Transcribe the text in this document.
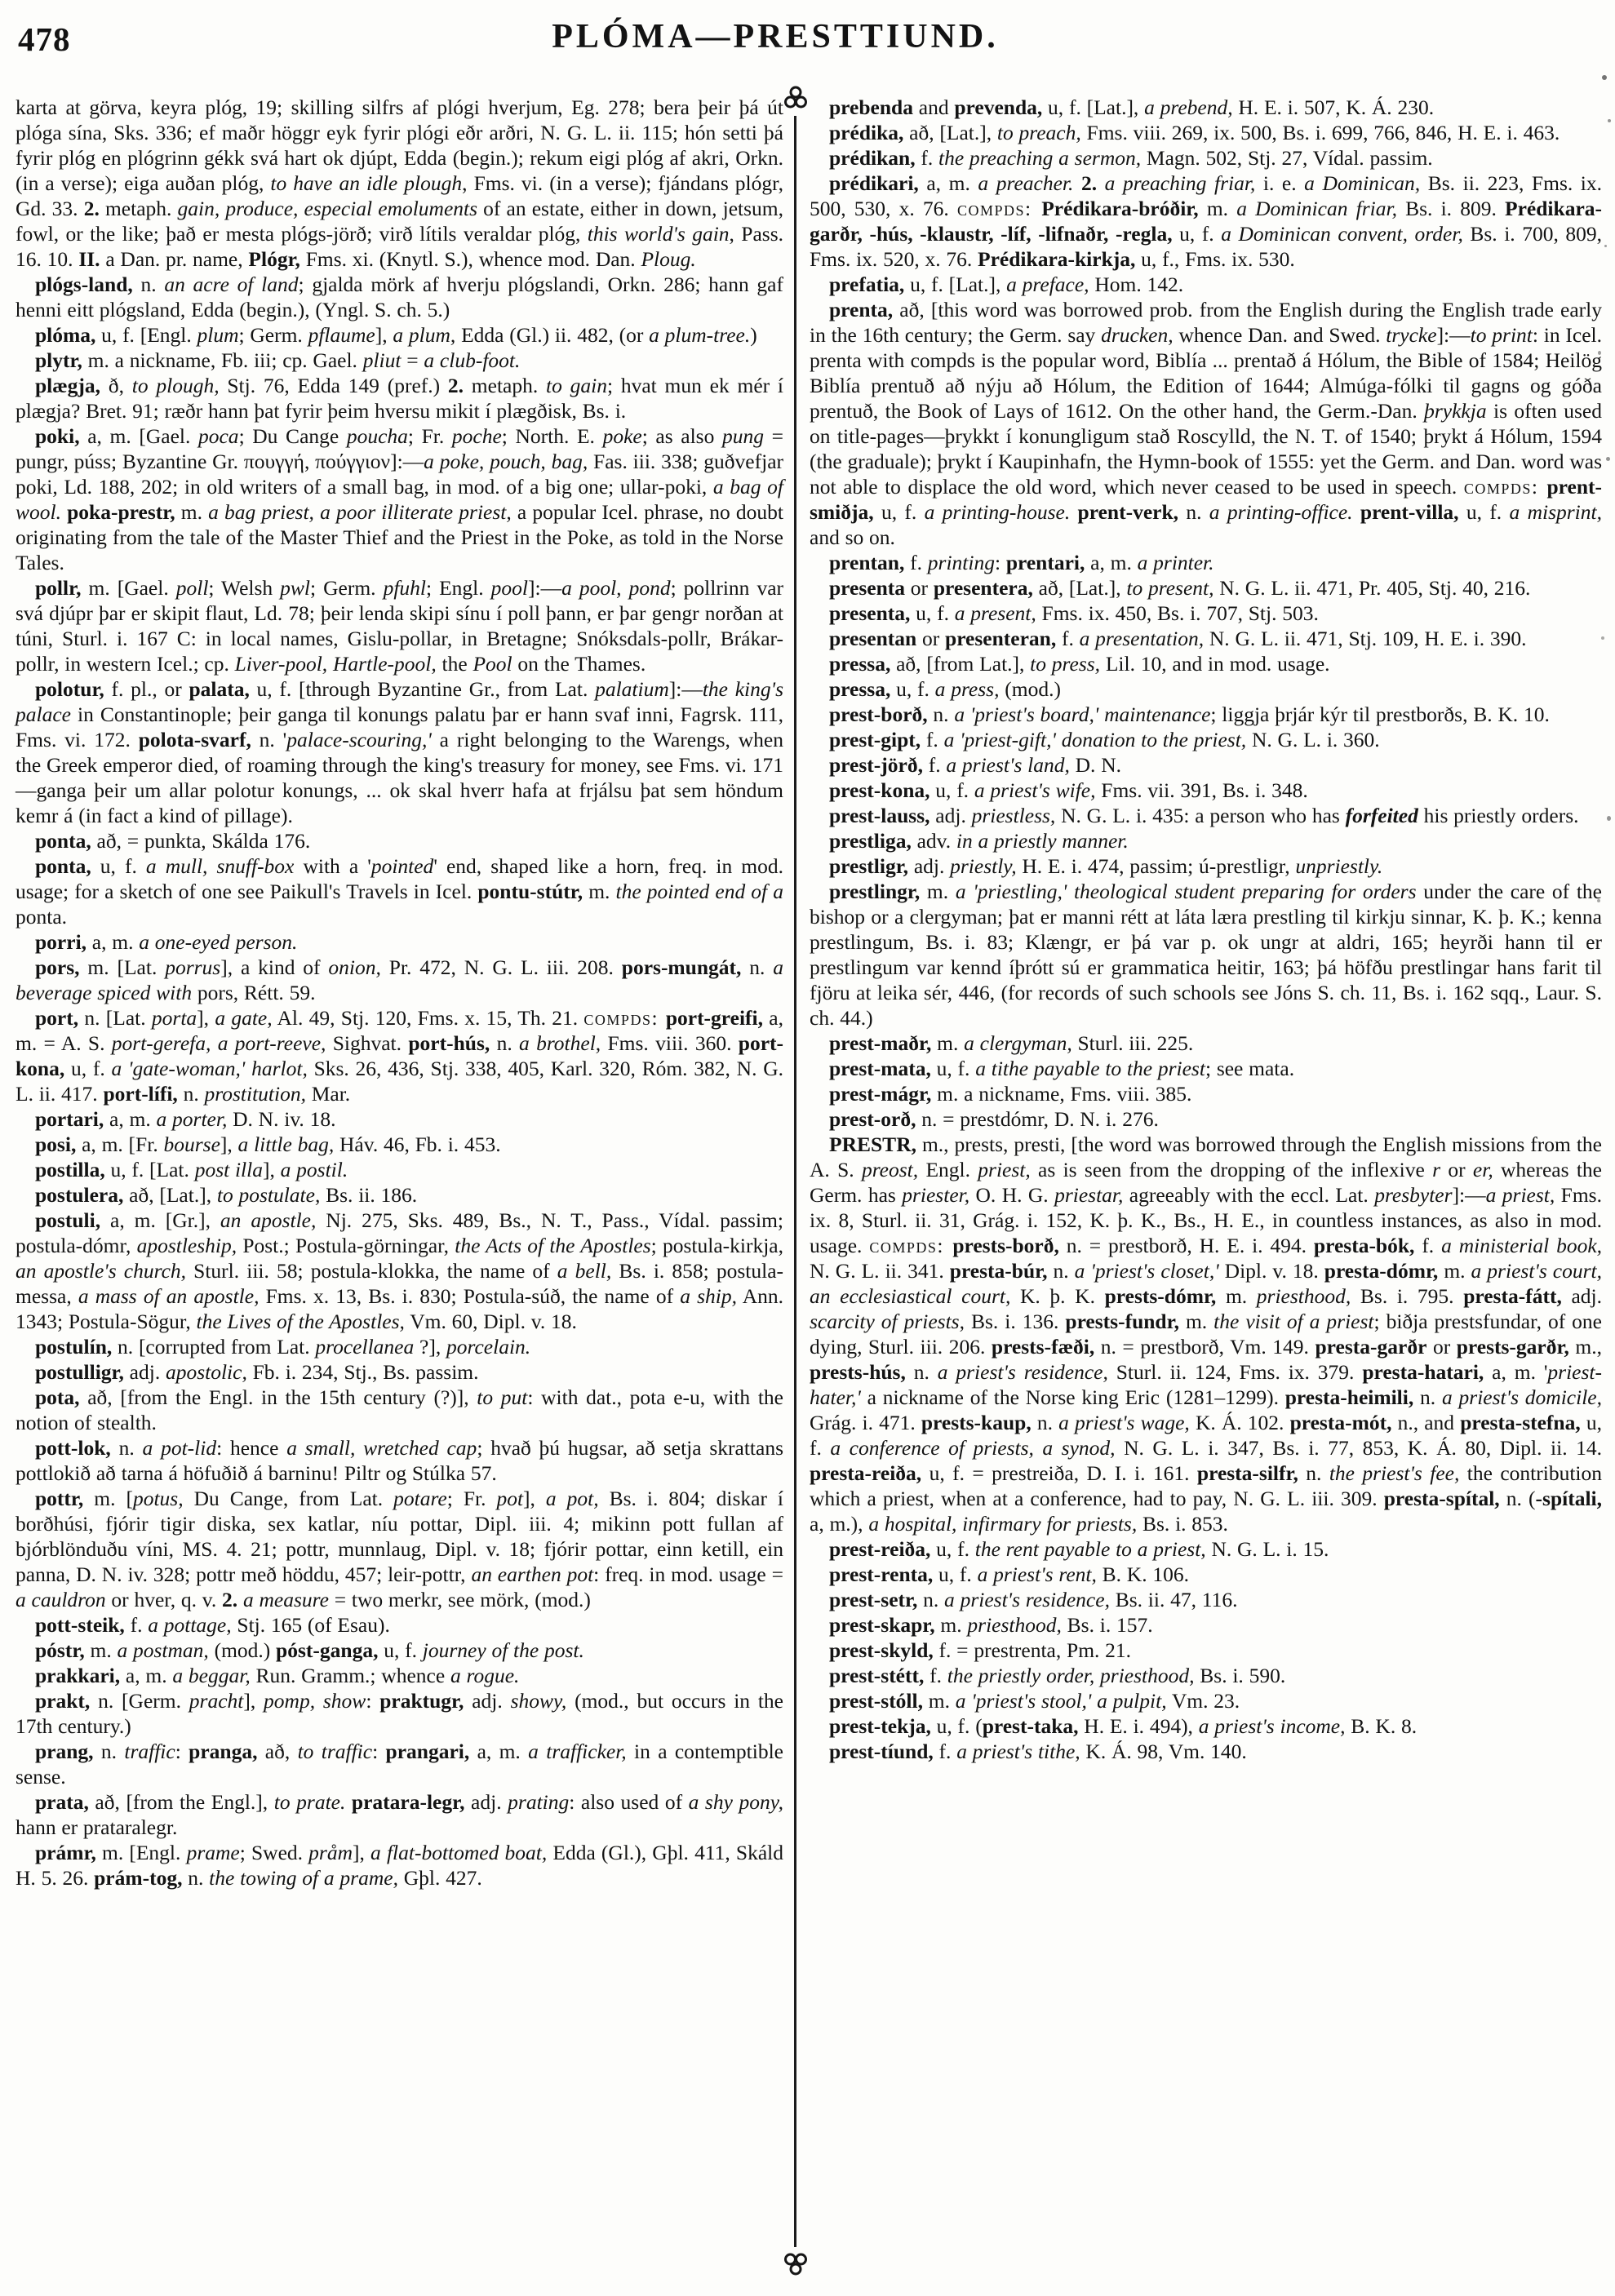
478	PLÓMA—PRESTTIUND.

karta at görva, keyra plóg, 19; skilling silfrs af plógi hverjum, Eg. 278; bera þeir þá út plóga sína, Sks. 336; ef maðr höggr eyk fyrir plógi eðr arðri, N. G. L. ii. 115; hón setti þá fyrir plóg en plógrinn gékk svá hart ok djúpt, Edda (begin.); rekum eigi plóg af akri, Orkn. (in a verse); eiga auðan plóg, to have an idle plough, Fms. vi. (in a verse); fjándans plógr, Gd. 33. 2. metaph. gain, produce, especial emoluments of an estate, either in down, jetsum, fowl, or the like; það er mesta plógs-jörð; virð lítils veraldar plóg, this world's gain, Pass. 16. 10. II. a Dan. pr. name, Plógr, Fms. xi. (Knytl. S.), whence mod. Dan. Ploug.

plógs-land, n. an acre of land; gjalda mörk af hverju plógslandi, Orkn. 286; hann gaf henni eitt plógsland, Edda (begin.), (Yngl. S. ch. 5.)

plóma, u, f. [Engl. plum; Germ. pflaume], a plum, Edda (Gl.) ii. 482, (or a plum-tree.)

plytr, m. a nickname, Fb. iii; cp. Gael. pliut = a club-foot.

plægja, ð, to plough, Stj. 76, Edda 149 (pref.) 2. metaph. to gain; hvat mun ek mér í plægja? Bret. 91; ræðr hann þat fyrir þeim hversu mikit í plægðisk, Bs. i.

poki, a, m. [Gael. poca; Du Cange poucha; Fr. poche; North. E. poke; as also pung = pungr, púss; Byzantine Gr. πουγγή, πούγγιον]:—a poke, pouch, bag, Fas. iii. 338; guðvefjar poki, Ld. 188, 202; in old writers of a small bag, in mod. of a big one; ullar-poki, a bag of wool. poka-prestr, m. a bag priest, a poor illiterate priest, a popular Icel. phrase, no doubt originating from the tale of the Master Thief and the Priest in the Poke, as told in the Norse Tales.

pollr, m. [Gael. poll; Welsh pwl; Germ. pfuhl; Engl. pool]:—a pool, pond; pollrinn var svá djúpr þar er skipit flaut, Ld. 78; þeir lenda skipi sínu í poll þann, er þar gengr norðan at túni, Sturl. i. 167 C: in local names, Gislu-pollar, in Bretagne; Snóksdals-pollr, Brákar-pollr, in western Icel.; cp. Liver-pool, Hartle-pool, the Pool on the Thames.

polotur, f. pl., or palata, u, f. [through Byzantine Gr., from Lat. palatium]:—the king's palace in Constantinople; þeir ganga til konungs palatu þar er hann svaf inni, Fagrsk. 111, Fms. vi. 172. polota-svarf, n. 'palace-scouring,' a right belonging to the Warengs, when the Greek emperor died, of roaming through the king's treasury for money, see Fms. vi. 171—ganga þeir um allar polotur konungs, ... ok skal hverr hafa at frjálsu þat sem höndum kemr á (in fact a kind of pillage).

ponta, að, = punkta, Skálda 176.

ponta, u, f. a mull, snuff-box with a 'pointed' end, shaped like a horn, freq. in mod. usage; for a sketch of one see Paikull's Travels in Icel. pontu-stútr, m. the pointed end of a ponta.

porri, a, m. a one-eyed person.

pors, m. [Lat. porrus], a kind of onion, Pr. 472, N. G. L. iii. 208. pors-mungát, n. a beverage spiced with pors, Rétt. 59.

port, n. [Lat. porta], a gate, Al. 49, Stj. 120, Fms. x. 15, Th. 21. compds: port-greifi, a, m. = A. S. port-gerefa, a port-reeve, Sighvat. port-hús, n. a brothel, Fms. viii. 360. port-kona, u, f. a 'gate-woman,' harlot, Sks. 26, 436, Stj. 338, 405, Karl. 320, Róm. 382, N. G. L. ii. 417. port-lífi, n. prostitution, Mar.

portari, a, m. a porter, D. N. iv. 18.

posi, a, m. [Fr. bourse], a little bag, Háv. 46, Fb. i. 453.

postilla, u, f. [Lat. post illa], a postil.

postulera, að, [Lat.], to postulate, Bs. ii. 186.

postuli, a, m. [Gr.], an apostle, Nj. 275, Sks. 489, Bs., N. T., Pass., Vídal. passim; postula-dómr, apostleship, Post.; Postula-görningar, the Acts of the Apostles; postula-kirkja, an apostle's church, Sturl. iii. 58; postula-klokka, the name of a bell, Bs. i. 858; postula-messa, a mass of an apostle, Fms. x. 13, Bs. i. 830; Postula-súð, the name of a ship, Ann. 1343; Postula-Sögur, the Lives of the Apostles, Vm. 60, Dipl. v. 18.

postulín, n. [corrupted from Lat. procellanea ?], porcelain.

postulligr, adj. apostolic, Fb. i. 234, Stj., Bs. passim.

pota, að, [from the Engl. in the 15th century (?)], to put: with dat., pota e-u, with the notion of stealth.

pott-lok, n. a pot-lid: hence a small, wretched cap; hvað þú hugsar, að setja skrattans pottlokið að tarna á höfuðið á barninu! Piltr og Stúlka 57.

pottr, m. [potus, Du Cange, from Lat. potare; Fr. pot], a pot, Bs. i. 804; diskar í borðhúsi, fjórir tigir diska, sex katlar, níu pottar, Dipl. iii. 4; mikinn pott fullan af bjórblönduðu víni, MS. 4. 21; pottr, munnlaug, Dipl. v. 18; fjórir pottar, einn ketill, ein panna, D. N. iv. 328; pottr með höddu, 457; leir-pottr, an earthen pot: freq. in mod. usage = a cauldron or hver, q. v. 2. a measure = two merkr, see mörk, (mod.)

pott-steik, f. a pottage, Stj. 165 (of Esau).

póstr, m. a postman, (mod.) póst-ganga, u, f. journey of the post.

prakkari, a, m. a beggar, Run. Gramm.; whence a rogue.

prakt, n. [Germ. pracht], pomp, show: praktugr, adj. showy, (mod., but occurs in the 17th century.)

prang, n. traffic: pranga, að, to traffic: prangari, a, m. a trafficker, in a contemptible sense.

prata, að, [from the Engl.], to prate. pratara-legr, adj. prating: also used of a shy pony, hann er prataralegr.

prámr, m. [Engl. prame; Swed. pråm], a flat-bottomed boat, Edda (Gl.), Gþl. 411, Skáld H. 5. 26. prám-tog, n. the towing of a prame, Gþl. 427.

prebenda and prevenda, u, f. [Lat.], a prebend, H. E. i. 507, K. Á. 230.

prédika, að, [Lat.], to preach, Fms. viii. 269, ix. 500, Bs. i. 699, 766, 846, H. E. i. 463.

prédikan, f. the preaching a sermon, Magn. 502, Stj. 27, Vídal. passim.

prédikari, a, m. a preacher. 2. a preaching friar, i. e. a Dominican, Bs. ii. 223, Fms. ix. 500, 530, x. 76. compds: Prédikara-bróðir, m. a Dominican friar, Bs. i. 809. Prédikara-garðr, -hús, -klaustr, -líf, -lifnaðr, -regla, u, f. a Dominican convent, order, Bs. i. 700, 809, Fms. ix. 520, x. 76. Prédikara-kirkja, u, f., Fms. ix. 530.

prefatia, u, f. [Lat.], a preface, Hom. 142.

prenta, að, [this word was borrowed prob. from the English during the English trade early in the 16th century; the Germ. say drucken, whence Dan. and Swed. trycke]:—to print: in Icel. prenta with compds is the popular word, Biblía ... prentað á Hólum, the Bible of 1584; Heilög Biblía prentuð að nýju að Hólum, the Edition of 1644; Almúga-fólki til gagns og góða prentuð, the Book of Lays of 1612. On the other hand, the Germ.-Dan. þrykkja is often used on title-pages—þrykkt í konungligum stað Roscylld, the N. T. of 1540; þrykt á Hólum, 1594 (the graduale); þrykt í Kaupinhafn, the Hymn-book of 1555: yet the Germ. and Dan. word was not able to displace the old word, which never ceased to be used in speech. compds: prent-smiðja, u, f. a printing-house. prent-verk, n. a printing-office. prent-villa, u, f. a misprint, and so on.

prentan, f. printing: prentari, a, m. a printer.

presenta or presentera, að, [Lat.], to present, N. G. L. ii. 471, Pr. 405, Stj. 40, 216.

presenta, u, f. a present, Fms. ix. 450, Bs. i. 707, Stj. 503.

presentan or presenteran, f. a presentation, N. G. L. ii. 471, Stj. 109, H. E. i. 390.

pressa, að, [from Lat.], to press, Lil. 10, and in mod. usage.

pressa, u, f. a press, (mod.)

prest-borð, n. a 'priest's board,' maintenance; liggja þrjár kýr til prestborðs, B. K. 10.

prest-gipt, f. a 'priest-gift,' donation to the priest, N. G. L. i. 360.

prest-jörð, f. a priest's land, D. N.

prest-kona, u, f. a priest's wife, Fms. vii. 391, Bs. i. 348.

prest-lauss, adj. priestless, N. G. L. i. 435: a person who has forfeited his priestly orders.

prestliga, adv. in a priestly manner.

prestligr, adj. priestly, H. E. i. 474, passim; ú-prestligr, unpriestly.

prestlingr, m. a 'priestling,' theological student preparing for orders under the care of the bishop or a clergyman; þat er manni rétt at láta læra prestling til kirkju sinnar, K. þ. K.; kenna prestlingum, Bs. i. 83; Klængr, er þá var p. ok ungr at aldri, 165; heyrði hann til er prestlingum var kennd íþrótt sú er grammatica heitir, 163; þá höfðu prestlingar hans farit til fjöru at leika sér, 446, (for records of such schools see Jóns S. ch. 11, Bs. i. 162 sqq., Laur. S. ch. 44.)

prest-maðr, m. a clergyman, Sturl. iii. 225.

prest-mata, u, f. a tithe payable to the priest; see mata.

prest-mágr, m. a nickname, Fms. viii. 385.

prest-orð, n. = prestdómr, D. N. i. 276.

PRESTR, m., prests, presti, [the word was borrowed through the English missions from the A. S. preost, Engl. priest, as is seen from the dropping of the inflexive r or er, whereas the Germ. has priester, O. H. G. priestar, agreeably with the eccl. Lat. presbyter]:—a priest, Fms. ix. 8, Sturl. ii. 31, Grág. i. 152, K. þ. K., Bs., H. E., in countless instances, as also in mod. usage. compds: prests-borð, n. = prestborð, H. E. i. 494. presta-bók, f. a ministerial book, N. G. L. ii. 341. presta-búr, n. a 'priest's closet,' Dipl. v. 18. presta-dómr, m. a priest's court, an ecclesiastical court, K. þ. K. prests-dómr, m. priesthood, Bs. i. 795. presta-fátt, adj. scarcity of priests, Bs. i. 136. prests-fundr, m. the visit of a priest; biðja prestsfundar, of one dying, Sturl. iii. 206. prests-fæði, n. = prestborð, Vm. 149. presta-garðr or prests-garðr, m., prests-hús, n. a priest's residence, Sturl. ii. 124, Fms. ix. 379. presta-hatari, a, m. 'priest-hater,' a nickname of the Norse king Eric (1281–1299). presta-heimili, n. a priest's domicile, Grág. i. 471. prests-kaup, n. a priest's wage, K. Á. 102. presta-mót, n., and presta-stefna, u, f. a conference of priests, a synod, N. G. L. i. 347, Bs. i. 77, 853, K. Á. 80, Dipl. ii. 14. presta-reiða, u, f. = prestreiða, D. I. i. 161. presta-silfr, n. the priest's fee, the contribution which a priest, when at a conference, had to pay, N. G. L. iii. 309. presta-spítal, n. (-spítali, a, m.), a hospital, infirmary for priests, Bs. i. 853.

prest-reiða, u, f. the rent payable to a priest, N. G. L. i. 15.

prest-renta, u, f. a priest's rent, B. K. 106.

prest-setr, n. a priest's residence, Bs. ii. 47, 116.

prest-skapr, m. priesthood, Bs. i. 157.

prest-skyld, f. = prestrenta, Pm. 21.

prest-stétt, f. the priestly order, priesthood, Bs. i. 590.

prest-stóll, m. a 'priest's stool,' a pulpit, Vm. 23.

prest-tekja, u, f. (prest-taka, H. E. i. 494), a priest's income, B. K. 8.

prest-tíund, f. a priest's tithe, K. Á. 98, Vm. 140.
